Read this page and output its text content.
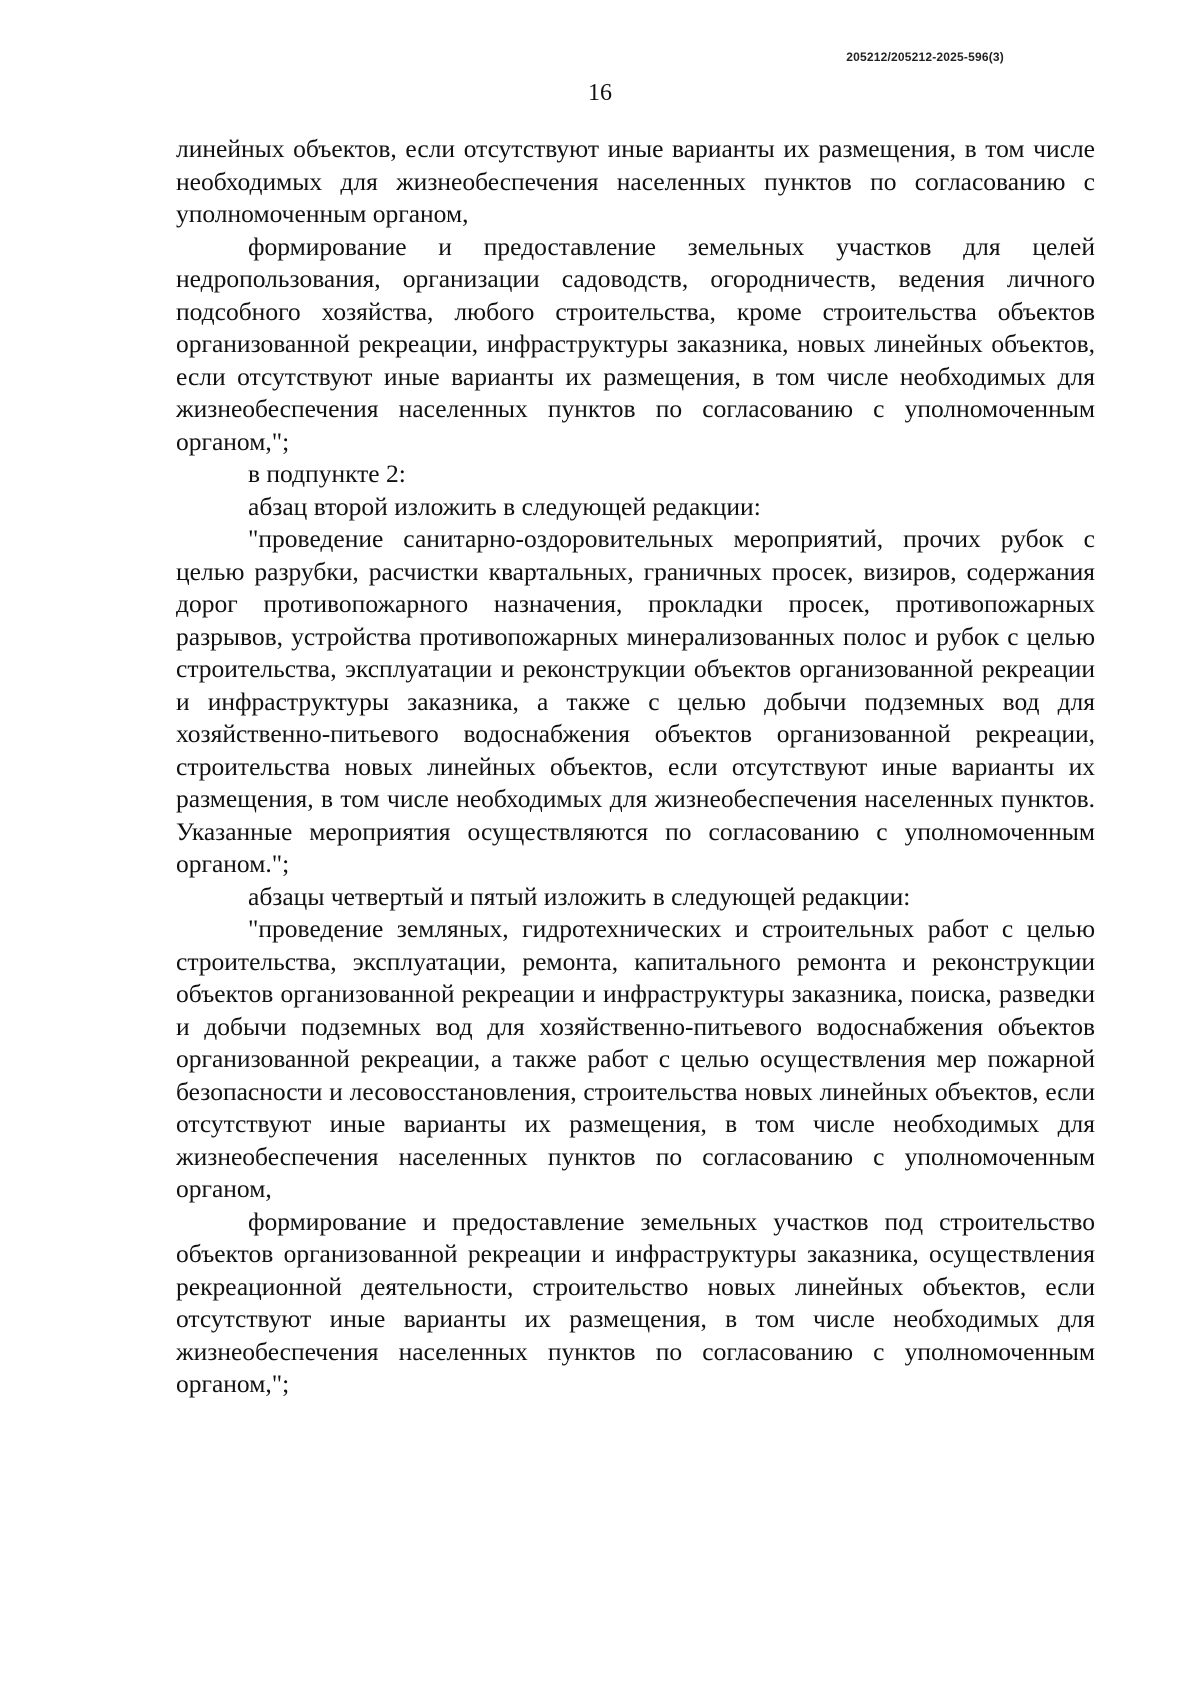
205212/205212-2025-596(3)
16

линейных объектов, если отсутствуют иные варианты их размещения, в том числе необходимых для жизнеобеспечения населенных пунктов по согласованию с уполномоченным органом,

формирование и предоставление земельных участков для целей недропользования, организации садоводств, огородничеств, ведения личного подсобного хозяйства, любого строительства, кроме строительства объектов организованной рекреации, инфраструктуры заказника, новых линейных объектов, если отсутствуют иные варианты их размещения, в том числе необходимых для жизнеобеспечения населенных пунктов по согласованию с уполномоченным органом,";

в подпункте 2:

абзац второй изложить в следующей редакции:

"проведение санитарно-оздоровительных мероприятий, прочих рубок с целью разрубки, расчистки квартальных, граничных просек, визиров, содержания дорог противопожарного назначения, прокладки просек, противопожарных разрывов, устройства противопожарных минерализованных полос и рубок с целью строительства, эксплуатации и реконструкции объектов организованной рекреации и инфраструктуры заказника, а также с целью добычи подземных вод для хозяйственно-питьевого водоснабжения объектов организованной рекреации, строительства новых линейных объектов, если отсутствуют иные варианты их размещения, в том числе необходимых для жизнеобеспечения населенных пунктов. Указанные мероприятия осуществляются по согласованию с уполномоченным органом.";

абзацы четвертый и пятый изложить в следующей редакции:

"проведение земляных, гидротехнических и строительных работ с целью строительства, эксплуатации, ремонта, капитального ремонта и реконструкции объектов организованной рекреации и инфраструктуры заказника, поиска, разведки и добычи подземных вод для хозяйственно-питьевого водоснабжения объектов организованной рекреации, а также работ с целью осуществления мер пожарной безопасности и лесовосстановления, строительства новых линейных объектов, если отсутствуют иные варианты их размещения, в том числе необходимых для жизнеобеспечения населенных пунктов по согласованию с уполномоченным органом,

формирование и предоставление земельных участков под строительство объектов организованной рекреации и инфраструктуры заказника, осуществления рекреационной деятельности, строительство новых линейных объектов, если отсутствуют иные варианты их размещения, в том числе необходимых для жизнеобеспечения населенных пунктов по согласованию с уполномоченным органом,";
